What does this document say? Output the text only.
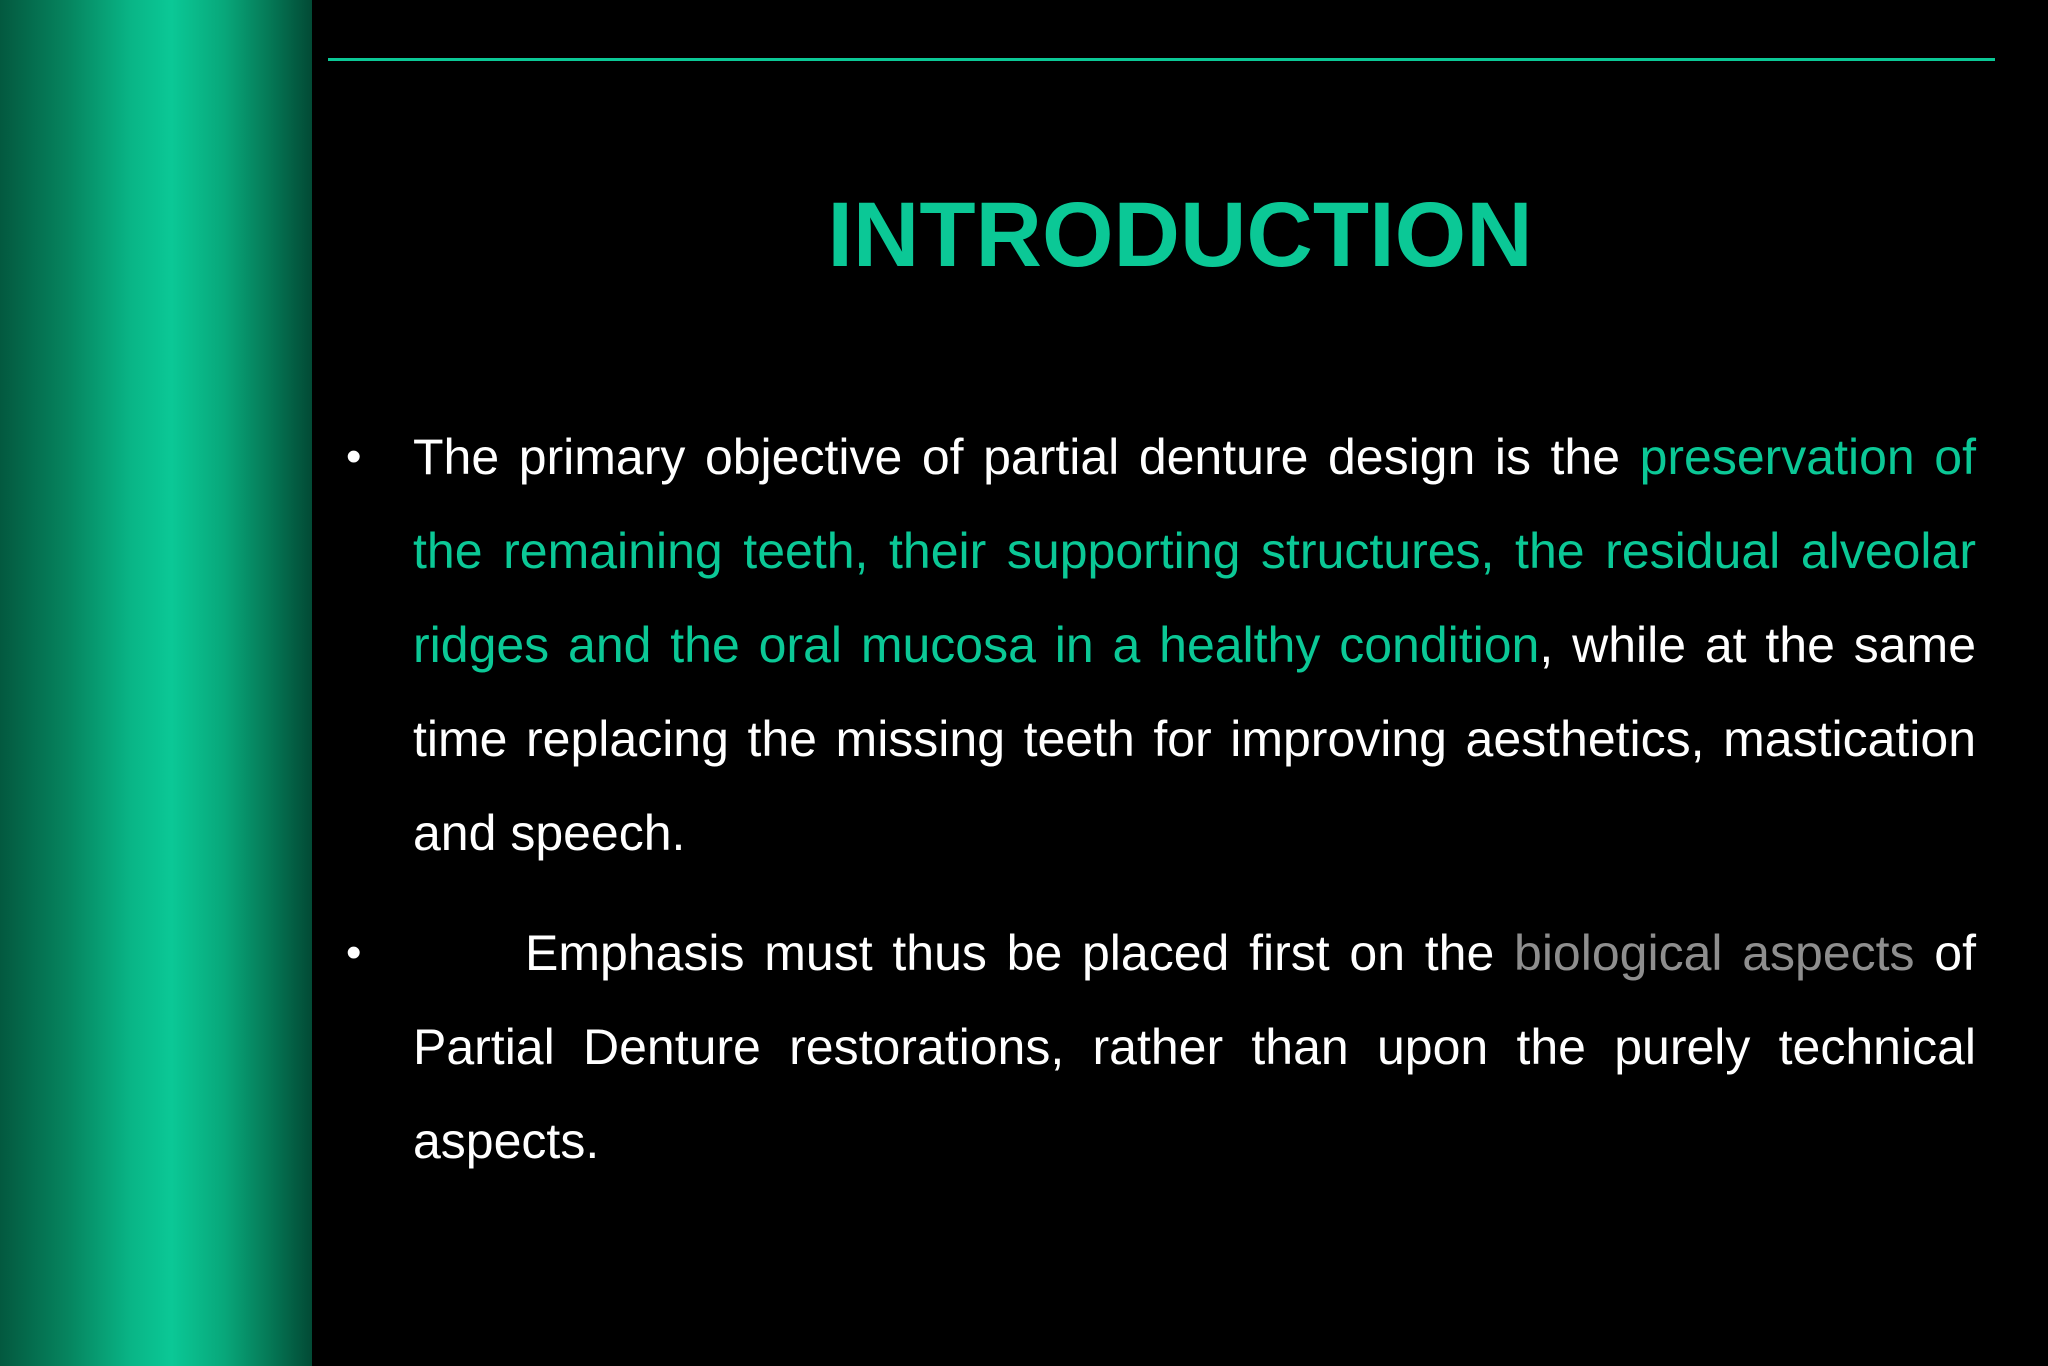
INTRODUCTION
• The primary objective of partial denture design is the preservation of the remaining teeth, their supporting structures, the residual alveolar ridges and the oral mucosa in a healthy condition, while at the same time replacing the missing teeth for improving aesthetics, mastication and speech.
•	Emphasis must thus be placed first on the biological aspects of Partial Denture restorations, rather than upon the purely technical aspects.
